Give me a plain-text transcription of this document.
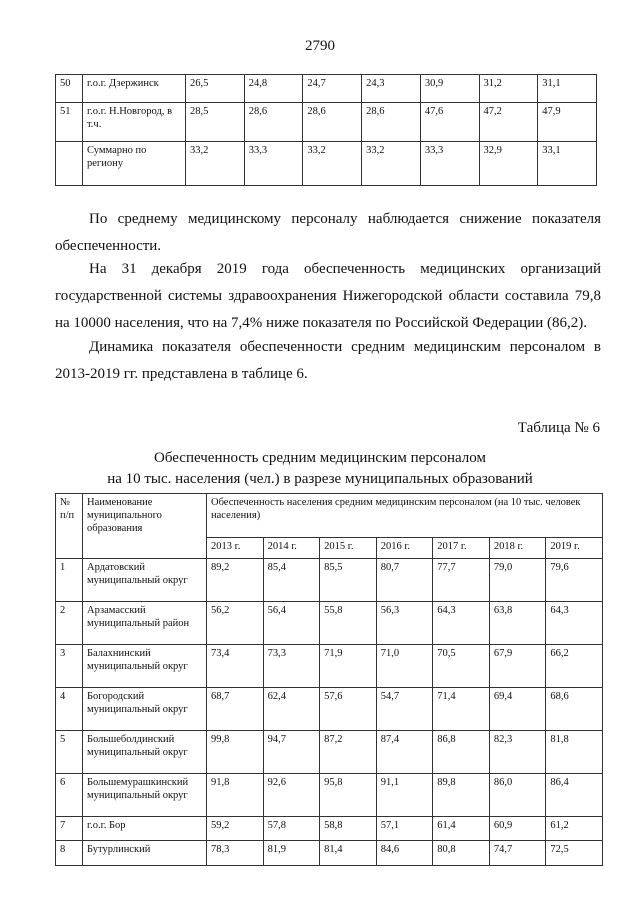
2790
50	г.о.г. Дзержинск	26,5	24,8	24,7	24,3	30,9	31,2	31,1
51	г.о.г. Н.Новгород, в т.ч.	28,5	28,6	28,6	28,6	47,6	47,2	47,9
	Суммарно по региону	33,2	33,3	33,2	33,2	33,3	32,9	33,1

По среднему медицинскому персоналу наблюдается снижение показателя обеспеченности.

На 31 декабря 2019 года обеспеченность медицинских организаций государственной системы здравоохранения Нижегородской области составила 79,8 на 10000 населения, что на 7,4% ниже показателя по Российской Федерации (86,2).

Динамика показателя обеспеченности средним медицинским персоналом в 2013-2019 гг. представлена в таблице 6.

Таблица № 6
Обеспеченность средним медицинским персоналом
на 10 тыс. населения (чел.) в разрезе муниципальных образований
№ п/п	Наименование муниципального образования	Обеспеченность населения средним медицинским персоналом (на 10 тыс. человек населения)						
		2013 г.	2014 г.	2015 г.	2016 г.	2017 г.	2018 г.	2019 г.
1	Ардатовский муниципальный округ	89,2	85,4	85,5	80,7	77,7	79,0	79,6
2	Арзамасский муниципальный район	56,2	56,4	55,8	56,3	64,3	63,8	64,3
3	Балахнинский муниципальный округ	73,4	73,3	71,9	71,0	70,5	67,9	66,2
4	Богородский муниципальный округ	68,7	62,4	57,6	54,7	71,4	69,4	68,6
5	Большеболдинский муниципальный округ	99,8	94,7	87,2	87,4	86,8	82,3	81,8
6	Большемурашкинский муниципальный округ	91,8	92,6	95,8	91,1	89,8	86,0	86,4
7	г.о.г. Бор	59,2	57,8	58,8	57,1	61,4	60,9	61,2
8	Бутурлинский	78,3	81,9	81,4	84,6	80,8	74,7	72,5
